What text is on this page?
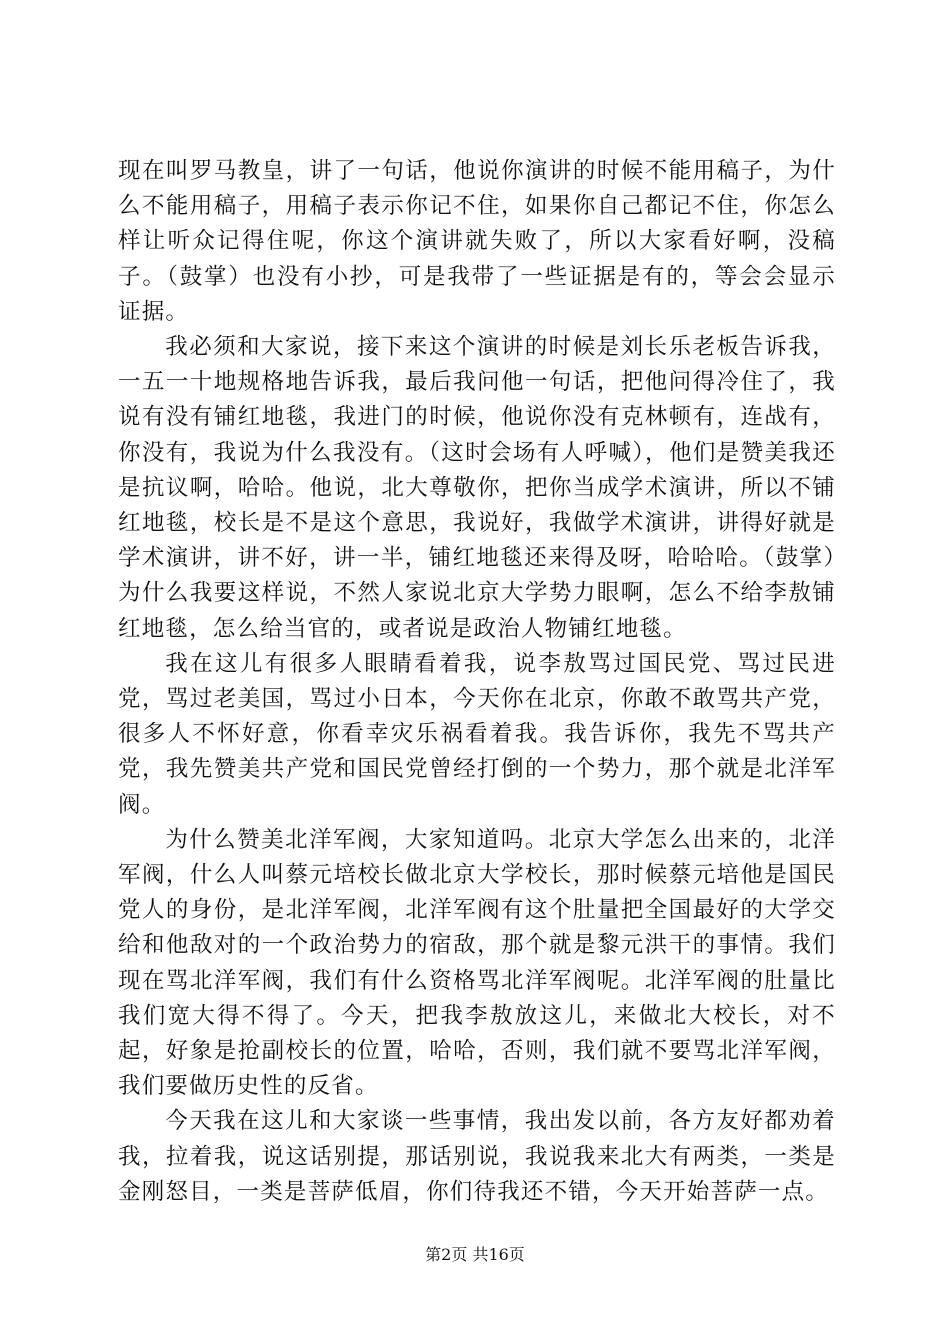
现在叫罗马教皇，讲了一句话，他说你演讲的时候不能用稿子，为什么不能用稿子，用稿子表示你记不住，如果你自己都记不住，你怎么样让听众记得住呢，你这个演讲就失败了，所以大家看好啊，没稿子。（鼓掌）也没有小抄，可是我带了一些证据是有的，等会会显示证据。

我必须和大家说，接下来这个演讲的时候是刘长乐老板告诉我，一五一十地规格地告诉我，最后我问他一句话，把他问得冷住了，我说有没有铺红地毯，我进门的时候，他说你没有克林顿有，连战有，你没有，我说为什么我没有。（这时会场有人呼喊），他们是赞美我还是抗议啊，哈哈。他说，北大尊敬你，把你当成学术演讲，所以不铺红地毯，校长是不是这个意思，我说好，我做学术演讲，讲得好就是学术演讲，讲不好，讲一半，铺红地毯还来得及呀，哈哈哈。（鼓掌）为什么我要这样说，不然人家说北京大学势力眼啊，怎么不给李敖铺红地毯，怎么给当官的，或者说是政治人物铺红地毯。

我在这儿有很多人眼睛看着我，说李敖骂过国民党、骂过民进党，骂过老美国，骂过小日本，今天你在北京，你敢不敢骂共产党，很多人不怀好意，你看幸灾乐祸看着我。我告诉你，我先不骂共产党，我先赞美共产党和国民党曾经打倒的一个势力，那个就是北洋军阀。

为什么赞美北洋军阀，大家知道吗。北京大学怎么出来的，北洋军阀，什么人叫蔡元培校长做北京大学校长，那时候蔡元培他是国民党人的身份，是北洋军阀，北洋军阀有这个肚量把全国最好的大学交给和他敌对的一个政治势力的宿敌，那个就是黎元洪干的事情。我们现在骂北洋军阀，我们有什么资格骂北洋军阀呢。北洋军阀的肚量比我们宽大得不得了。今天，把我李敖放这儿，来做北大校长，对不起，好象是抢副校长的位置，哈哈，否则，我们就不要骂北洋军阀，我们要做历史性的反省。

今天我在这儿和大家谈一些事情，我出发以前，各方友好都劝着我，拉着我，说这话别提，那话别说，我说我来北大有两类，一类是金刚怒目，一类是菩萨低眉，你们待我还不错，今天开始菩萨一点。

第2页 共16页
